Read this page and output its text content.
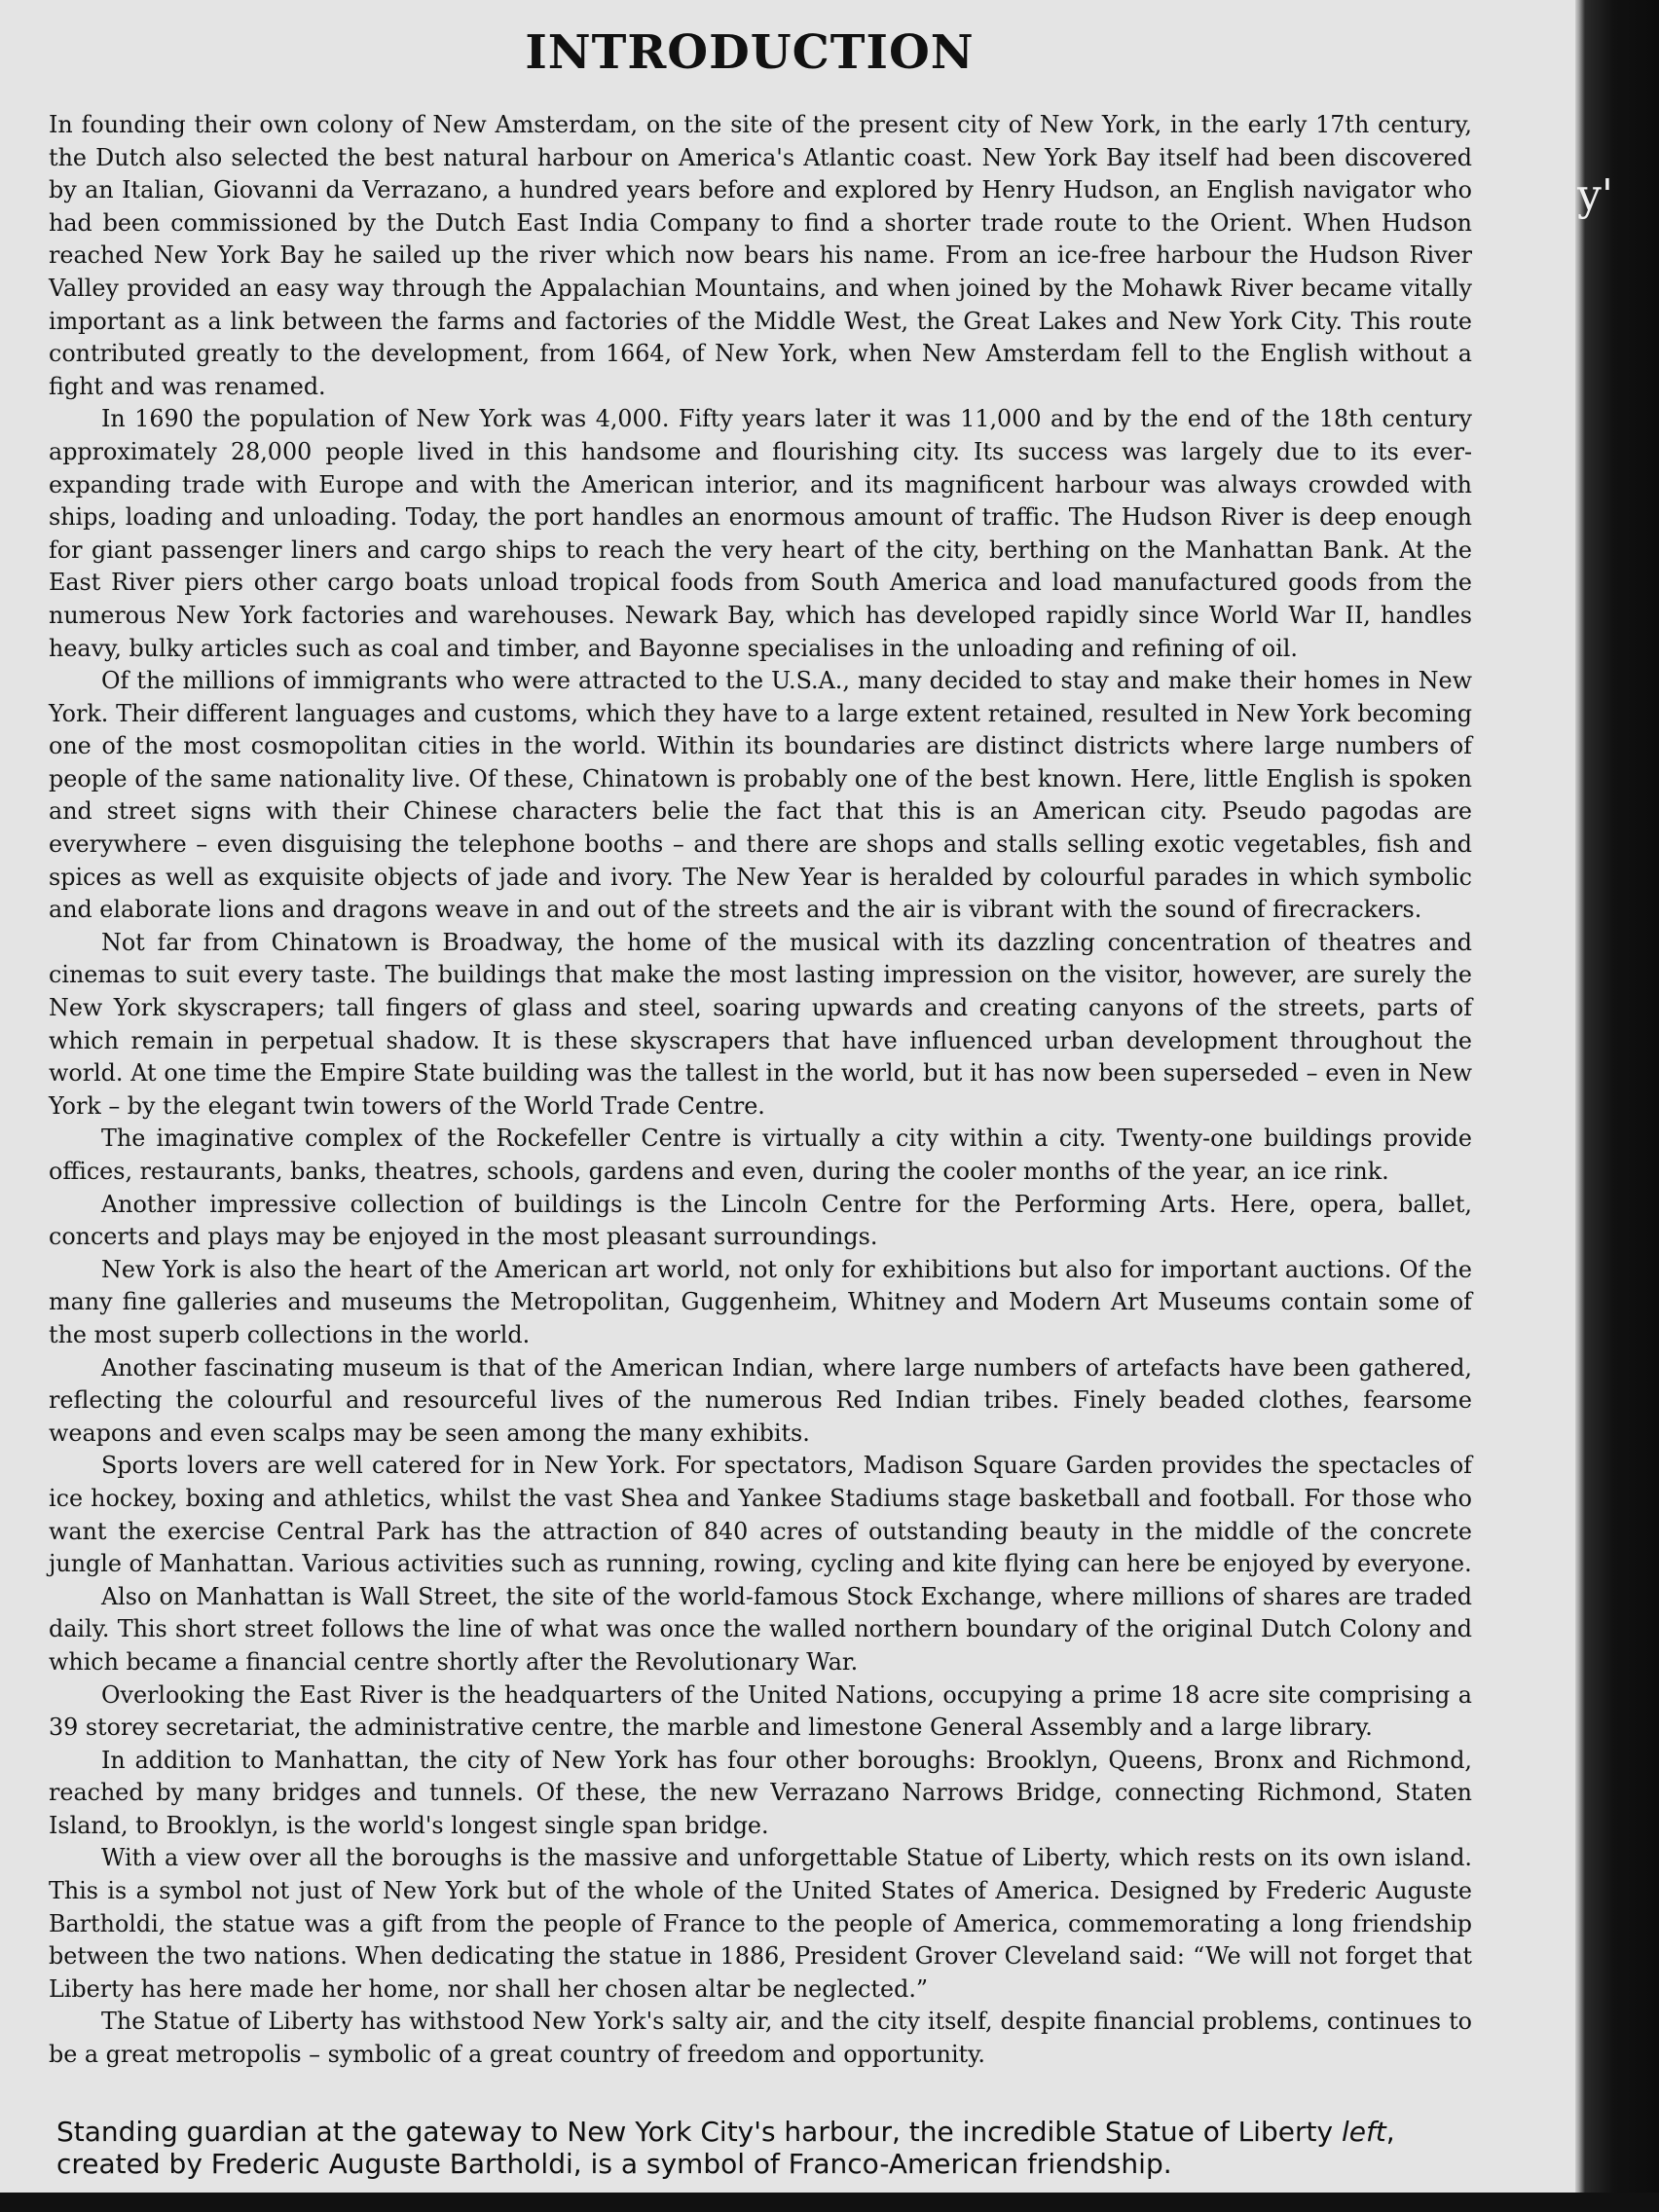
INTRODUCTION

In founding their own colony of New Amsterdam, on the site of the present city of New York, in the early 17th century, the Dutch also selected the best natural harbour on America's Atlantic coast. New York Bay itself had been discovered by an Italian, Giovanni da Verrazano, a hundred years before and explored by Henry Hudson, an English navigator who had been commissioned by the Dutch East India Company to find a shorter trade route to the Orient. When Hudson reached New York Bay he sailed up the river which now bears his name. From an ice-free harbour the Hudson River Valley provided an easy way through the Appalachian Mountains, and when joined by the Mohawk River became vitally important as a link between the farms and factories of the Middle West, the Great Lakes and New York City. This route contributed greatly to the development, from 1664, of New York, when New Amsterdam fell to the English without a fight and was renamed.

In 1690 the population of New York was 4,000. Fifty years later it was 11,000 and by the end of the 18th century approximately 28,000 people lived in this handsome and flourishing city. Its success was largely due to its ever-expanding trade with Europe and with the American interior, and its magnificent harbour was always crowded with ships, loading and unloading. Today, the port handles an enormous amount of traffic. The Hudson River is deep enough for giant passenger liners and cargo ships to reach the very heart of the city, berthing on the Manhattan Bank. At the East River piers other cargo boats unload tropical foods from South America and load manufactured goods from the numerous New York factories and warehouses. Newark Bay, which has developed rapidly since World War II, handles heavy, bulky articles such as coal and timber, and Bayonne specialises in the unloading and refining of oil.

Of the millions of immigrants who were attracted to the U.S.A., many decided to stay and make their homes in New York. Their different languages and customs, which they have to a large extent retained, resulted in New York becoming one of the most cosmopolitan cities in the world. Within its boundaries are distinct districts where large numbers of people of the same nationality live. Of these, Chinatown is probably one of the best known. Here, little English is spoken and street signs with their Chinese characters belie the fact that this is an American city. Pseudo pagodas are everywhere – even disguising the telephone booths – and there are shops and stalls selling exotic vegetables, fish and spices as well as exquisite objects of jade and ivory. The New Year is heralded by colourful parades in which symbolic and elaborate lions and dragons weave in and out of the streets and the air is vibrant with the sound of firecrackers.

Not far from Chinatown is Broadway, the home of the musical with its dazzling concentration of theatres and cinemas to suit every taste. The buildings that make the most lasting impression on the visitor, however, are surely the New York skyscrapers; tall fingers of glass and steel, soaring upwards and creating canyons of the streets, parts of which remain in perpetual shadow. It is these skyscrapers that have influenced urban development throughout the world. At one time the Empire State building was the tallest in the world, but it has now been superseded – even in New York – by the elegant twin towers of the World Trade Centre.

The imaginative complex of the Rockefeller Centre is virtually a city within a city. Twenty-one buildings provide offices, restaurants, banks, theatres, schools, gardens and even, during the cooler months of the year, an ice rink.

Another impressive collection of buildings is the Lincoln Centre for the Performing Arts. Here, opera, ballet, concerts and plays may be enjoyed in the most pleasant surroundings.

New York is also the heart of the American art world, not only for exhibitions but also for important auctions. Of the many fine galleries and museums the Metropolitan, Guggenheim, Whitney and Modern Art Museums contain some of the most superb collections in the world.

Another fascinating museum is that of the American Indian, where large numbers of artefacts have been gathered, reflecting the colourful and resourceful lives of the numerous Red Indian tribes. Finely beaded clothes, fearsome weapons and even scalps may be seen among the many exhibits.

Sports lovers are well catered for in New York. For spectators, Madison Square Garden provides the spectacles of ice hockey, boxing and athletics, whilst the vast Shea and Yankee Stadiums stage basketball and football. For those who want the exercise Central Park has the attraction of 840 acres of outstanding beauty in the middle of the concrete jungle of Manhattan. Various activities such as running, rowing, cycling and kite flying can here be enjoyed by everyone.

Also on Manhattan is Wall Street, the site of the world-famous Stock Exchange, where millions of shares are traded daily. This short street follows the line of what was once the walled northern boundary of the original Dutch Colony and which became a financial centre shortly after the Revolutionary War.

Overlooking the East River is the headquarters of the United Nations, occupying a prime 18 acre site comprising a 39 storey secretariat, the administrative centre, the marble and limestone General Assembly and a large library.

In addition to Manhattan, the city of New York has four other boroughs: Brooklyn, Queens, Bronx and Richmond, reached by many bridges and tunnels. Of these, the new Verrazano Narrows Bridge, connecting Richmond, Staten Island, to Brooklyn, is the world's longest single span bridge.

With a view over all the boroughs is the massive and unforgettable Statue of Liberty, which rests on its own island. This is a symbol not just of New York but of the whole of the United States of America. Designed by Frederic Auguste Bartholdi, the statue was a gift from the people of France to the people of America, commemorating a long friendship between the two nations. When dedicating the statue in 1886, President Grover Cleveland said: “We will not forget that Liberty has here made her home, nor shall her chosen altar be neglected.”

The Statue of Liberty has withstood New York's salty air, and the city itself, despite financial problems, continues to be a great metropolis – symbolic of a great country of freedom and opportunity.

Standing guardian at the gateway to New York City's harbour, the incredible Statue of Liberty left, created by Frederic Auguste Bartholdi, is a symbol of Franco-American friendship.

y'
